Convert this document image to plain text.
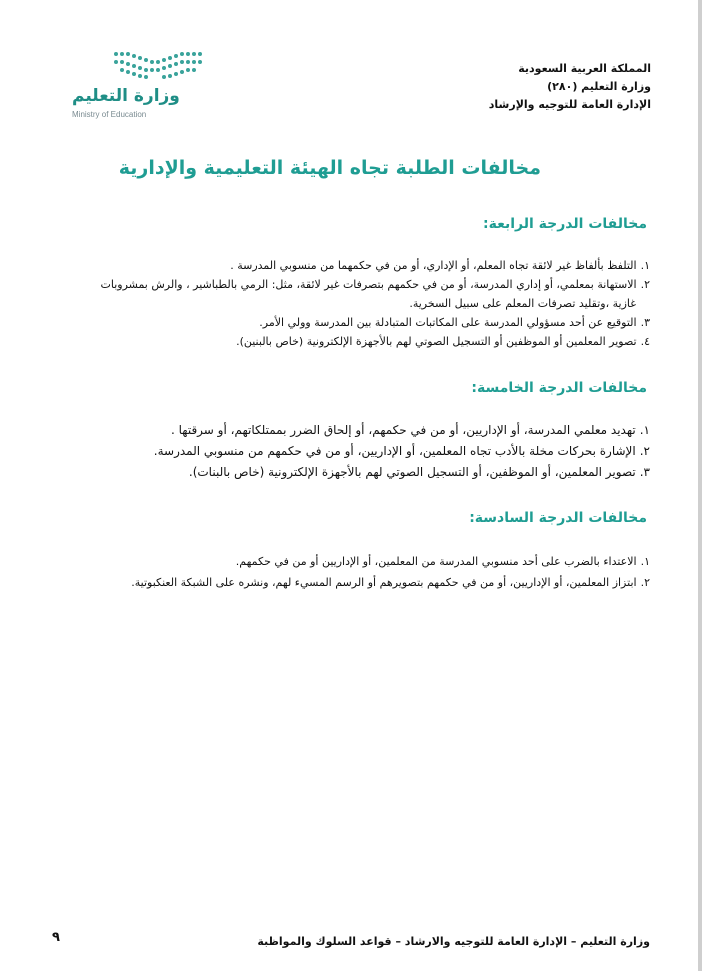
وزارة التعليم
Ministry of Education
المملكة العربية السعودية
وزارة التعليم (٢٨٠)
الإدارة العامة للتوجيه والإرشاد
مخالفات الطلبة تجاه الهيئة التعليمية والإدارية
مخالفات الدرجة الرابعة:
١.التلفظ بألفاظ غير لائقة تجاه المعلم، أو الإداري، أو من في حكمهما من منسوبي المدرسة .
٢.الاستهانة بمعلمي، أو إداري المدرسة، أو من في حكمهم بتصرفات غير لائقة، مثل: الرمي بالطباشير ، والرش بمشروبات
غازية ،وتقليد تصرفات المعلم على سبيل السخرية.
٣.التوقيع عن أحد مسؤولي المدرسة على المكاتبات المتبادلة بين المدرسة وولي الأمر.
٤.تصوير المعلمين أو الموظفين أو التسجيل الصوتي لهم بالأجهزة الإلكترونية (خاص بالبنين).
مخالفات الدرجة الخامسة:
١.تهديد معلمي المدرسة، أو الإداريين، أو من في حكمهم، أو إلحاق الضرر بممتلكاتهم، أو سرقتها .
٢.الإشارة بحركات مخلة بالأدب تجاه المعلمين، أو الإداريين، أو من في حكمهم من منسوبي المدرسة.
٣.تصوير المعلمين، أو الموظفين، أو التسجيل الصوتي لهم بالأجهزة الإلكترونية (خاص بالبنات).
مخالفات الدرجة السادسة:
١.الاعتداء بالضرب على أحد منسوبي المدرسة من المعلمين، أو الإداريين أو من في حكمهم.
٢.ابتزاز المعلمين، أو الإداريين، أو من في حكمهم بتصويرهم أو الرسم المسيء لهم، ونشره على الشبكة العنكبوتية.
٩	وزارة التعليم – الإدارة العامة للتوجيه والارشاد – قواعد السلوك والمواظبة
